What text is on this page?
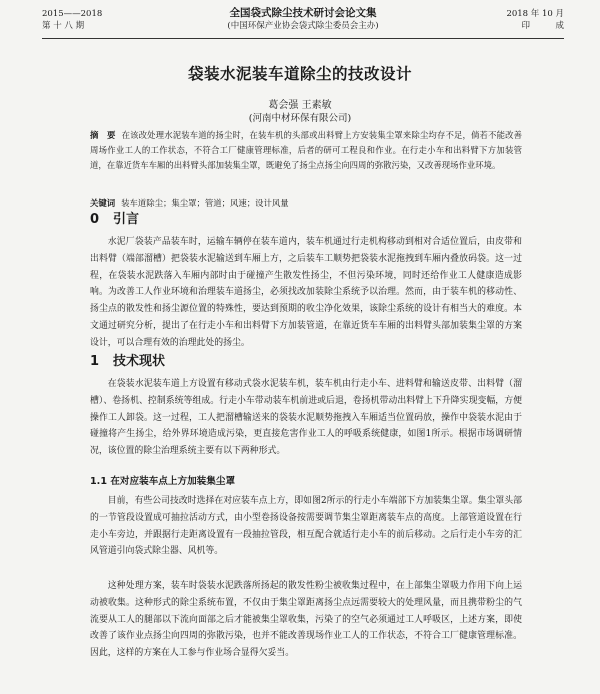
2015——2018
第 十 八 期
全国袋式除尘技术研讨会论文集
(中国环保产业协会袋式除尘委员会主办)
2018 年 10 月
印　　　成
袋装水泥装车道除尘的技改设计
葛会强 王素敏
(河南中材环保有限公司)

摘　要 在该改处理水泥装车道的扬尘时，在装车机的头部或出料臂上方安装集尘罩来除尘均存不足，倘若不能改善周场作业工人的工作状态，不符合工厂健康管理标准，后者的研可工程良和作业。在行走小车和出料臂下方加装管道，在靠近货车车厢的出料臂头部加装集尘罩，既避免了扬尘点扬尘向四周的弥散污染，又改善现场作业环境。

关键词 装车道除尘；集尘罩；管道；风速；设计风量

0 引言

水泥厂袋装产品装车时，运输车辆停在装车道内，装车机通过行走机构移动到相对合适位置后，由皮带和出料臂（端部溜槽）把袋装水泥输送到车厢上方，之后装车工顺势把袋装水泥拖拽到车厢内叠放码袋。这一过程，在袋装水泥跌落入车厢内部时由于碰撞产生散发性扬尘，不但污染环境，同时还给作业工人健康造成影响。为改善工人作业环境和治理装车道扬尘，必须找改加装除尘系统予以治理。然而，由于装车机的移动性、扬尘点的散发性和扬尘源位置的特殊性，要达到预期的收尘净化效果，该除尘系统的设计有相当大的难度。本文通过研究分析，提出了在行走小车和出料臂下方加装管道，在靠近货车车厢的出料臂头部加装集尘罩的方案设计，可以合理有效的治理此处的扬尘。

1 技术现状

在袋装水泥装车道上方设置有移动式袋水泥装车机，装车机由行走小车、进料臂和输送皮带、出料臂（溜槽）、卷扬机、控制系统等组成。行走小车带动装车机前进或后退，卷扬机带动出料臂上下升降实现变幅，方便操作工人卸袋。这一过程，工人把溜槽输送来的袋装水泥顺势拖拽入车厢适当位置码放，操作中袋装水泥由于碰撞将产生扬尘，给外界环境造成污染，更直接危害作业工人的呼吸系统健康，如图1所示。根据市场调研情况，该位置的除尘治理系统主要有以下两种形式。

1.1 在对应装车点上方加装集尘罩

目前，有些公司技改时选择在对应装车点上方，即如图2所示的行走小车端部下方加装集尘罩。集尘罩头部的一节管段设置成可抽拉活动方式，由小型卷扬设备按需要调节集尘罩距离装车点的高度。上部管道设置在行走小车旁边，并跟据行走距离设置有一段抽拉管段，相互配合就适行走小车的前后移动。之后行走小车旁的汇风管道引向袋式除尘器、风机等。

这种处理方案，装车时袋装水泥跌落所扬起的散发性粉尘被收集过程中，在上部集尘罩吸力作用下向上运动被收集。这种形式的除尘系统布置，不仅由于集尘罩距离扬尘点远需要较大的处理风量，而且携带粉尘的气流要从工人的腿部以下流向面部之后才能被集尘罩收集，污染了的空气必须通过工人呼吸区，上述方案，即使改善了该作业点扬尘向四周的弥散污染，也并不能改善现场作业工人的工作状态，不符合工厂健康管理标准。因此，这样的方案在人工参与作业场合显得欠妥当。
